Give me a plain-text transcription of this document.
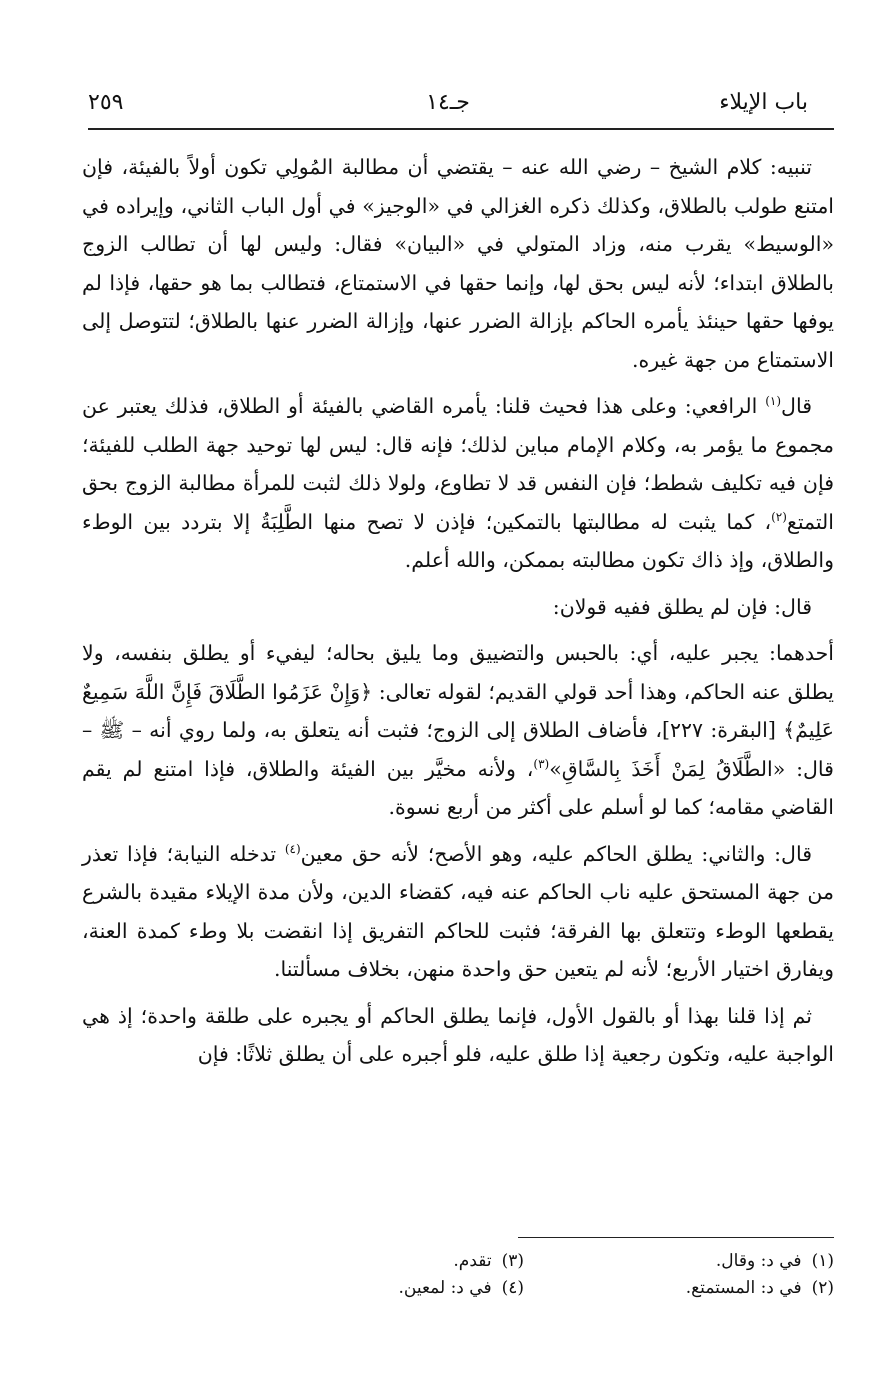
باب الإيلاء
جـ١٤
٢٥٩

تنبيه: كلام الشيخ – رضي الله عنه – يقتضي أن مطالبة المُولِي تكون أولاً بالفيئة، فإن امتنع طولب بالطلاق، وكذلك ذكره الغزالي في «الوجيز» في أول الباب الثاني، وإيراده في «الوسيط» يقرب منه، وزاد المتولي في «البيان» فقال: وليس لها أن تطالب الزوج بالطلاق ابتداء؛ لأنه ليس بحق لها، وإنما حقها في الاستمتاع، فتطالب بما هو حقها، فإذا لم يوفها حقها حينئذ يأمره الحاكم بإزالة الضرر عنها، وإزالة الضرر عنها بالطلاق؛ لتتوصل إلى الاستمتاع من جهة غيره.

قال$^{(١)}$ الرافعي: وعلى هذا فحيث قلنا: يأمره القاضي بالفيئة أو الطلاق، فذلك يعتبر عن مجموع ما يؤمر به، وكلام الإمام مباين لذلك؛ فإنه قال: ليس لها توحيد جهة الطلب للفيئة؛ فإن فيه تكليف شطط؛ فإن النفس قد لا تطاوع، ولولا ذلك لثبت للمرأة مطالبة الزوج بحق التمتع$^{(٢)}$، كما يثبت له مطالبتها بالتمكين؛ فإذن لا تصح منها الطَّلِبَةُ إلا بتردد بين الوطء والطلاق، وإذ ذاك تكون مطالبته بممكن، والله أعلم.

قال: فإن لم يطلق ففيه قولان:

أحدهما: يجبر عليه، أي: بالحبس والتضييق وما يليق بحاله؛ ليفيء أو يطلق بنفسه، ولا يطلق عنه الحاكم، وهذا أحد قولي القديم؛ لقوله تعالى: ﴿وَإِنْ عَزَمُوا الطَّلَاقَ فَإِنَّ اللَّهَ سَمِيعٌ عَلِيمٌ﴾ [البقرة: ٢٢٧]، فأضاف الطلاق إلى الزوج؛ فثبت أنه يتعلق به، ولما روي أنه – ﷺ – قال: «الطَّلَاقُ لِمَنْ أَخَذَ بِالسَّاقِ»$^{(٣)}$، ولأنه مخيَّر بين الفيئة والطلاق، فإذا امتنع لم يقم القاضي مقامه؛ كما لو أسلم على أكثر من أربع نسوة.

قال: والثاني: يطلق الحاكم عليه، وهو الأصح؛ لأنه حق معين$^{(٤)}$ تدخله النيابة؛ فإذا تعذر من جهة المستحق عليه ناب الحاكم عنه فيه، كقضاء الدين، ولأن مدة الإيلاء مقيدة بالشرع يقطعها الوطء وتتعلق بها الفرقة؛ فثبت للحاكم التفريق إذا انقضت بلا وطء كمدة العنة، ويفارق اختيار الأربع؛ لأنه لم يتعين حق واحدة منهن، بخلاف مسألتنا.

ثم إذا قلنا بهذا أو بالقول الأول، فإنما يطلق الحاكم أو يجبره على طلقة واحدة؛ إذ هي الواجبة عليه، وتكون رجعية إذا طلق عليه، فلو أجبره على أن يطلق ثلاثًا: فإن

(١)في د: وقال.
(٢)في د: المستمتع.
(٣)تقدم.
(٤)في د: لمعين.
